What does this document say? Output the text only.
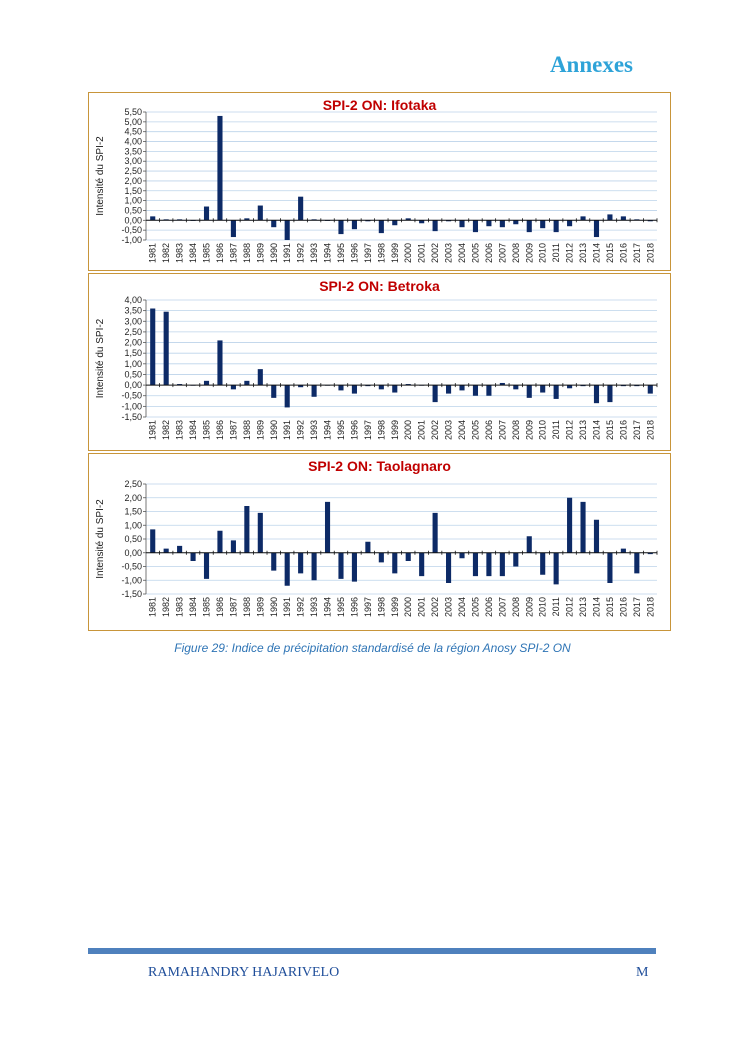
Annexes
SPI-2 ON: Ifotaka
Intensité du SPI-2
5,50
5,00
4,50
4,00
3,50
3,00
2,50
2,00
1,50
1,00
0,50
0,00
-0,50
-1,00
1981 1982 1983 1984 1985 1986 1987 1988 1989 1990 1991 1992 1993 1994 1995 1996 1997 1998 1999 2000 2001 2002 2003 2004 2005 2006 2007 2008 2009 2010 2011 2012 2013 2014 2015 2016 2017 2018
SPI-2 ON: Betroka
Intensité du SPI-2
4,00
3,50
3,00
2,50
2,00
1,50
1,00
0,50
0,00
-0,50
-1,00
-1,50
1981 1982 1983 1984 1985 1986 1987 1988 1989 1990 1991 1992 1993 1994 1995 1996 1997 1998 1999 2000 2001 2002 2003 2004 2005 2006 2007 2008 2009 2010 2011 2012 2013 2014 2015 2016 2017 2018
SPI-2 ON: Taolagnaro
Intensité du SPI-2
2,50
2,00
1,50
1,00
0,50
0,00
-0,50
-1,00
-1,50
1981 1982 1983 1984 1985 1986 1987 1988 1989 1990 1991 1992 1993 1994 1995 1996 1997 1998 1999 2000 2001 2002 2003 2004 2005 2006 2007 2008 2009 2010 2011 2012 2013 2014 2015 2016 2017 2018
Figure 29: Indice de précipitation standardisé de la région Anosy SPI-2 ON
RAMAHANDRY HAJARIVELO	M
